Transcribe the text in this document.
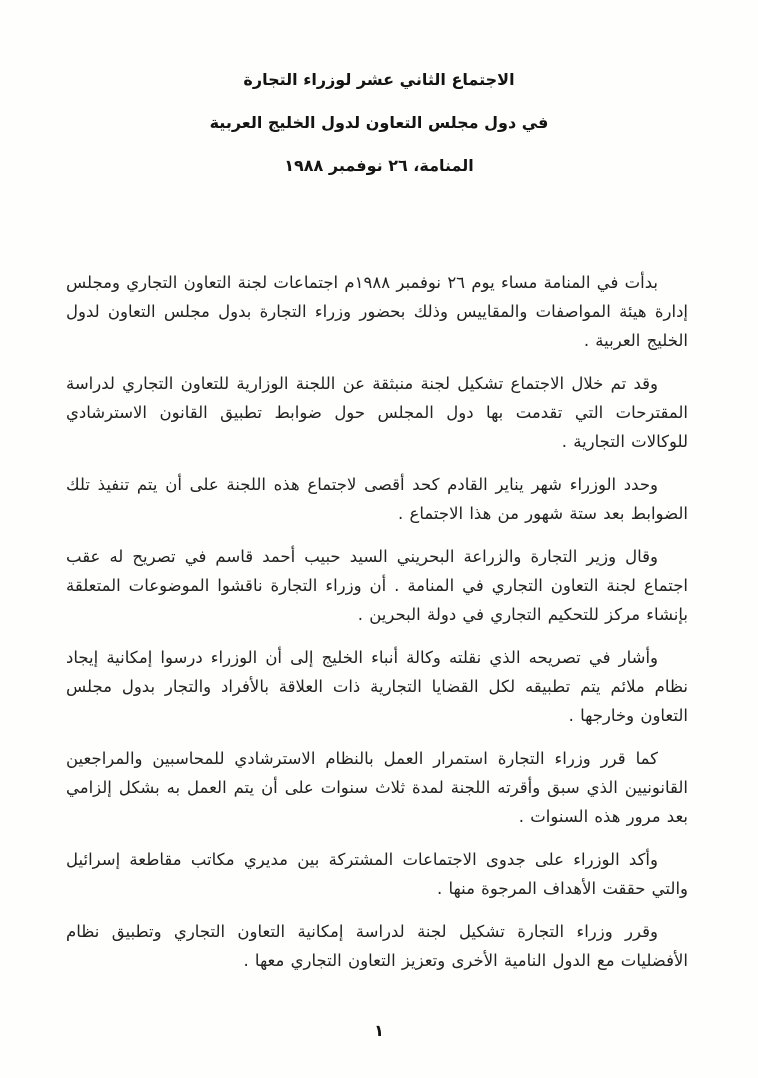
الاجتماع الثاني عشر لوزراء التجارة
في دول مجلس التعاون لدول الخليج العربية
المنامة، ٢٦ نوفمبر ١٩٨٨

بدأت في المنامة مساء يوم ٢٦ نوفمبر ١٩٨٨م اجتماعات لجنة التعاون التجاري ومجلس إدارة هيئة المواصفات والمقاييس وذلك بحضور وزراء التجارة بدول مجلس التعاون لدول الخليج العربية .

وقد تم خلال الاجتماع تشكيل لجنة منبثقة عن اللجنة الوزارية للتعاون التجاري لدراسة المقترحات التي تقدمت بها دول المجلس حول ضوابط تطبيق القانون الاسترشادي للوكالات التجارية .

وحدد الوزراء شهر يناير القادم كحد أقصى لاجتماع هذه اللجنة على أن يتم تنفيذ تلك الضوابط بعد ستة شهور من هذا الاجتماع .

وقال وزير التجارة والزراعة البحريني السيد حبيب أحمد قاسم في تصريح له عقب اجتماع لجنة التعاون التجاري في المنامة . أن وزراء التجارة ناقشوا الموضوعات المتعلقة بإنشاء مركز للتحكيم التجاري في دولة البحرين .

وأشار في تصريحه الذي نقلته وكالة أنباء الخليج إلى أن الوزراء درسوا إمكانية إيجاد نظام ملائم يتم تطبيقه لكل القضايا التجارية ذات العلاقة بالأفراد والتجار بدول مجلس التعاون وخارجها .

كما قرر وزراء التجارة استمرار العمل بالنظام الاسترشادي للمحاسبين والمراجعين القانونيين الذي سبق وأقرته اللجنة لمدة ثلاث سنوات على أن يتم العمل به بشكل إلزامي بعد مرور هذه السنوات .

وأكد الوزراء على جدوى الاجتماعات المشتركة بين مديري مكاتب مقاطعة إسرائيل والتي حققت الأهداف المرجوة منها .

وقرر وزراء التجارة تشكيل لجنة لدراسة إمكانية التعاون التجاري وتطبيق نظام الأفضليات مع الدول النامية الأخرى وتعزيز التعاون التجاري معها .

١
